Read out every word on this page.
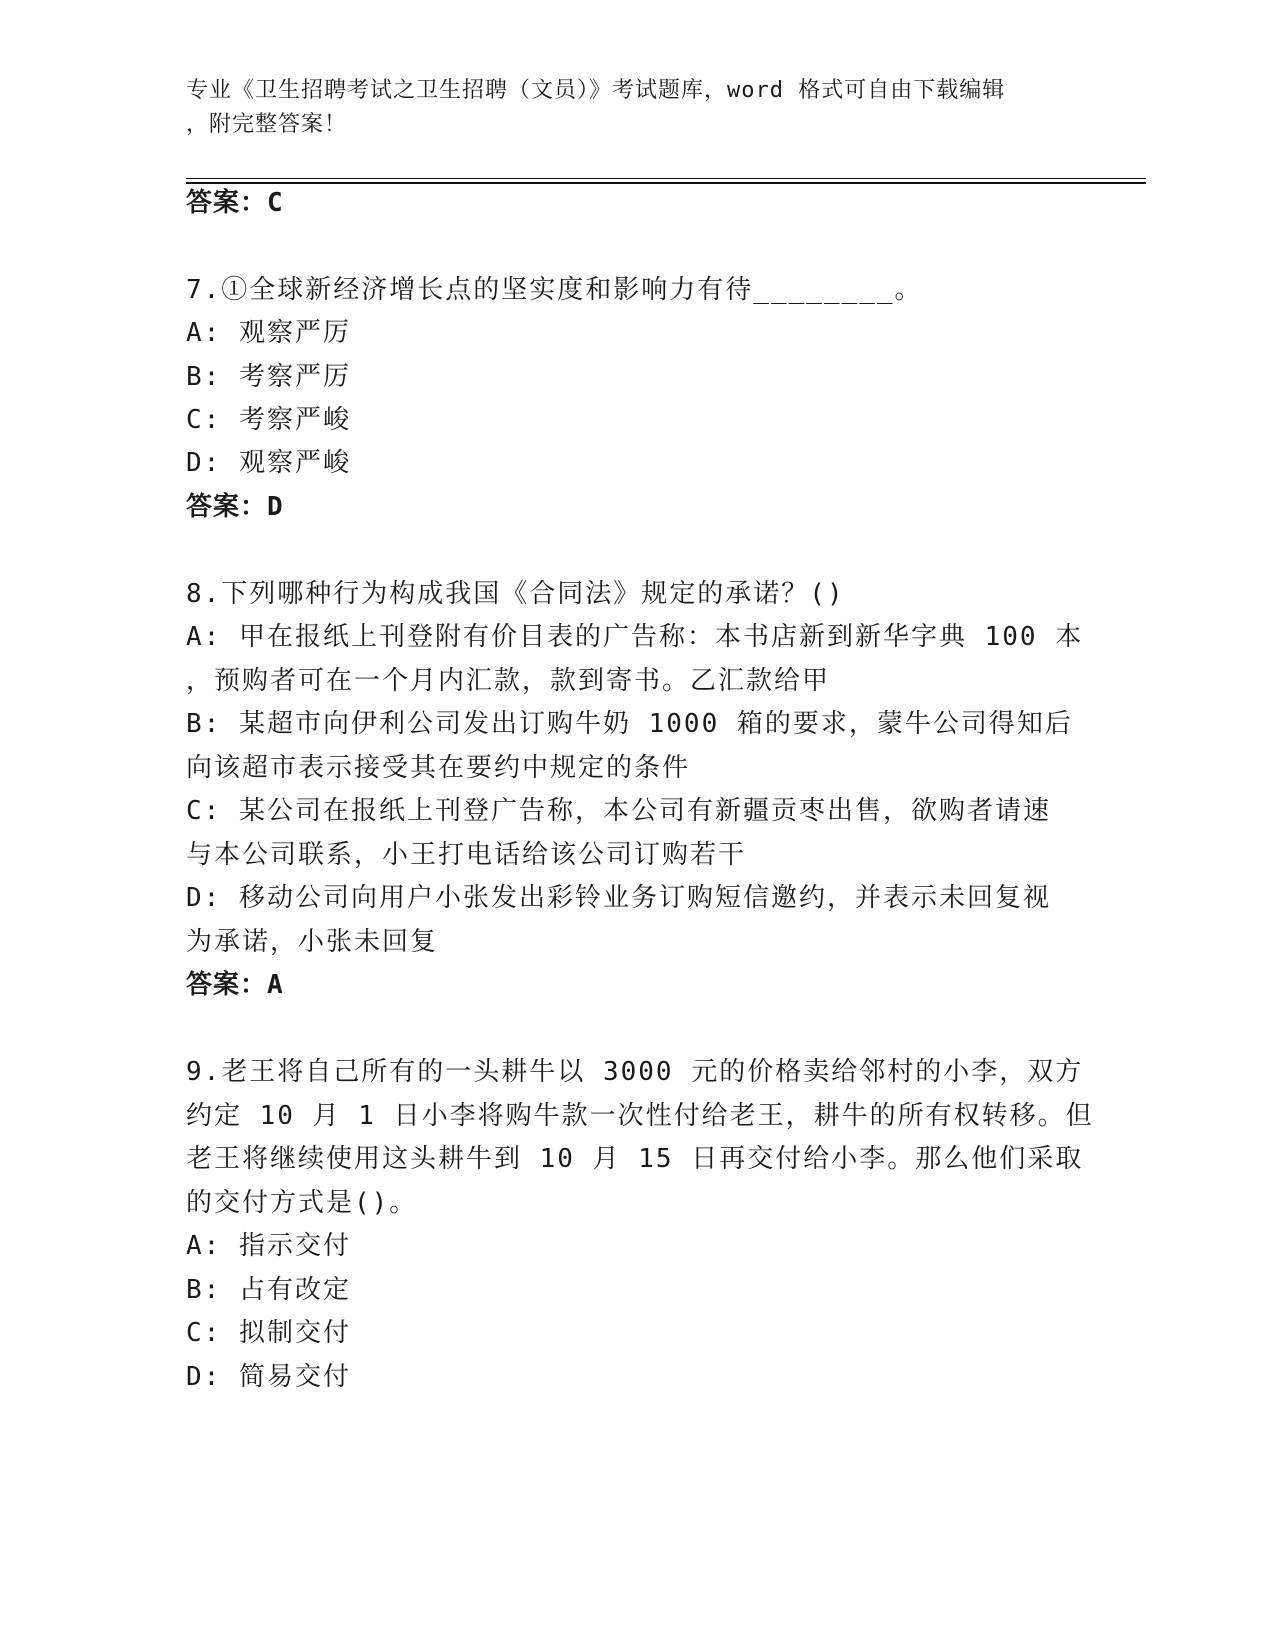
专业《卫生招聘考试之卫生招聘（文员）》考试题库，word 格式可自由下载编辑
，附完整答案！
答案：C
7.①全球新经济增长点的坚实度和影响力有待________。
A: 观察严厉
B: 考察严厉
C: 考察严峻
D: 观察严峻
答案：D
8.下列哪种行为构成我国《合同法》规定的承诺？()
A: 甲在报纸上刊登附有价目表的广告称：本书店新到新华字典 100 本
，预购者可在一个月内汇款，款到寄书。乙汇款给甲
B: 某超市向伊利公司发出订购牛奶 1000 箱的要求，蒙牛公司得知后
向该超市表示接受其在要约中规定的条件
C: 某公司在报纸上刊登广告称，本公司有新疆贡枣出售，欲购者请速
与本公司联系，小王打电话给该公司订购若干
D: 移动公司向用户小张发出彩铃业务订购短信邀约，并表示未回复视
为承诺，小张未回复
答案：A
9.老王将自己所有的一头耕牛以 3000 元的价格卖给邻村的小李，双方
约定 10 月 1 日小李将购牛款一次性付给老王，耕牛的所有权转移。但
老王将继续使用这头耕牛到 10 月 15 日再交付给小李。那么他们采取
的交付方式是()。
A: 指示交付
B: 占有改定
C: 拟制交付
D: 简易交付
